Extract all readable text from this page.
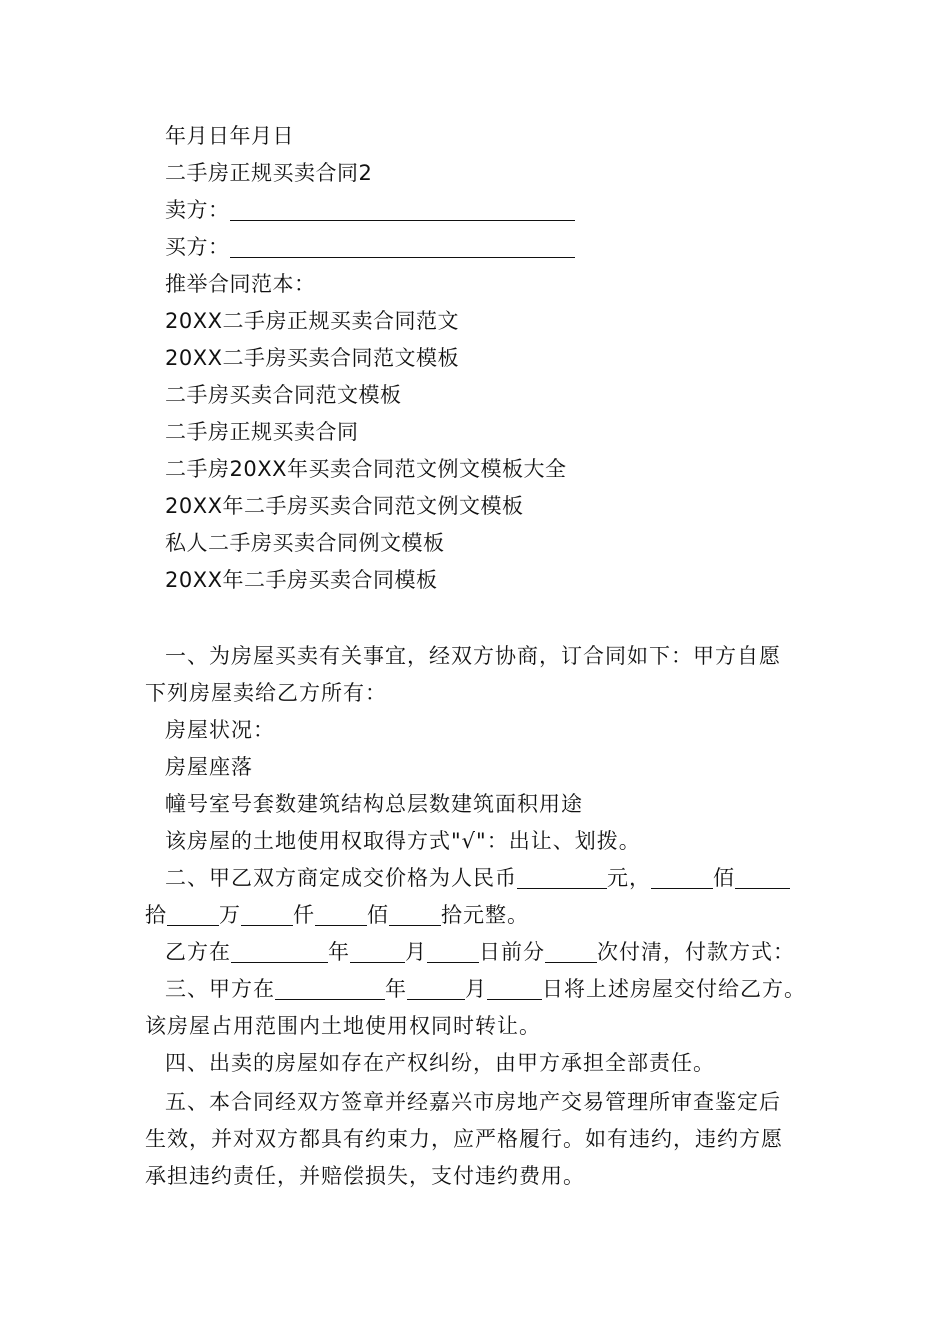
年月日年月日
二手房正规买卖合同2
卖方：
买方：
推举合同范本：
20XX二手房正规买卖合同范文
20XX二手房买卖合同范文模板
二手房买卖合同范文模板
二手房正规买卖合同
二手房20XX年买卖合同范文例文模板大全
20XX年二手房买卖合同范文例文模板
私人二手房买卖合同例文模板
20XX年二手房买卖合同模板
一、为房屋买卖有关事宜，经双方协商，订合同如下：甲方自愿
下列房屋卖给乙方所有：
房屋状况：
房屋座落
幢号室号套数建筑结构总层数建筑面积用途
该房屋的土地使用权取得方式"√"：出让、划拨。
二、甲乙双方商定成交价格为人民币	元，	佰
拾 万 仟 佰 拾元整。
乙方在	年	月 日前分 次付清，付款方式：
三、甲方在	年	月	日将上述房屋交付给乙方。
该房屋占用范围内土地使用权同时转让。
四、出卖的房屋如存在产权纠纷，由甲方承担全部责任。
五、本合同经双方签章并经嘉兴市房地产交易管理所审查鉴定后
生效，并对双方都具有约束力，应严格履行。如有违约，违约方愿
承担违约责任，并赔偿损失，支付违约费用。
